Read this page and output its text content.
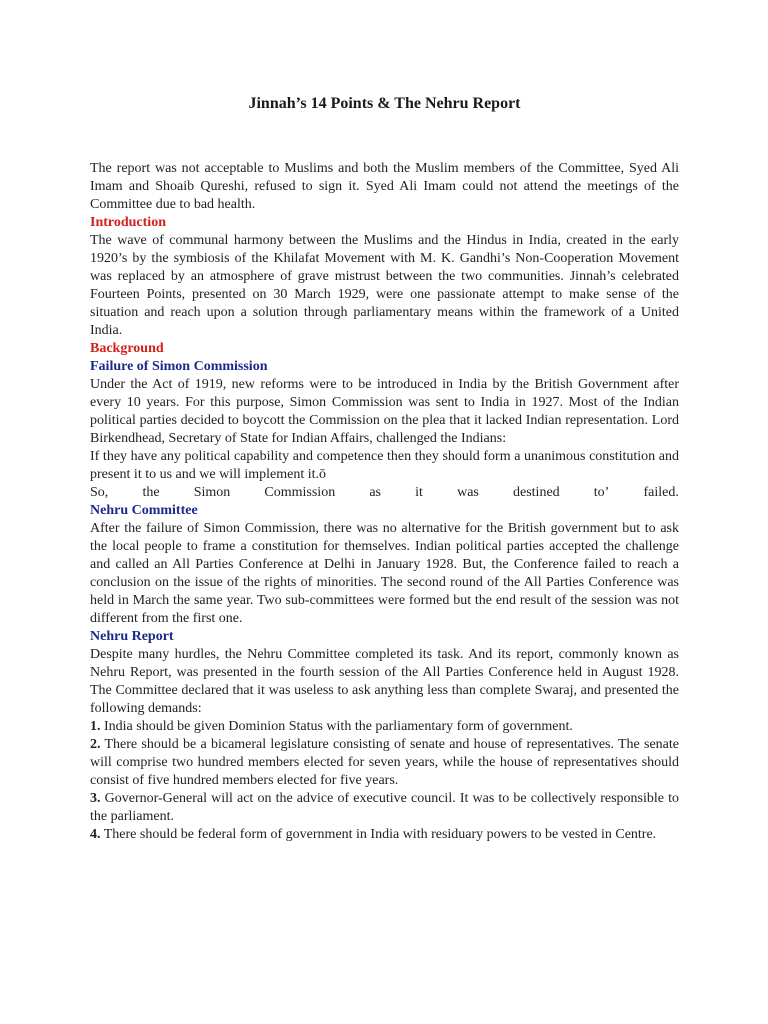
Jinnah’s 14 Points & The Nehru Report

The report was not acceptable to Muslims and both the Muslim members of the Committee, Syed Ali Imam and Shoaib Qureshi, refused to sign it. Syed Ali Imam could not attend the meetings of the Committee due to bad health.

Introduction

The wave of communal harmony between the Muslims and the Hindus in India, created in the early 1920’s by the symbiosis of the Khilafat Movement with M. K. Gandhi’s Non-Cooperation Movement was replaced by an atmosphere of grave mistrust between the two communities. Jinnah’s celebrated Fourteen Points, presented on 30 March 1929, were one passionate attempt to make sense of the situation and reach upon a solution through parliamentary means within the framework of a United India.

Background
Failure of Simon Commission

Under the Act of 1919, new reforms were to be introduced in India by the British Government after every 10 years. For this purpose, Simon Commission was sent to India in 1927. Most of the Indian political parties decided to boycott the Commission on the plea that it lacked Indian representation. Lord Birkendhead, Secretary of State for Indian Affairs, challenged the Indians:

If they have any political capability and competence then they should form a unanimous constitution and present it to us and we will implement it.ō

So, the Simon Commission as it was destined to’ failed.
Nehru Committee

After the failure of Simon Commission, there was no alternative for the British government but to ask the local people to frame a constitution for themselves. Indian political parties accepted the challenge and called an All Parties Conference at Delhi in January 1928. But, the Conference failed to reach a conclusion on the issue of the rights of minorities. The second round of the All Parties Conference was held in March the same year. Two sub-committees were formed but the end result of the session was not different from the first one.

Nehru Report

Despite many hurdles, the Nehru Committee completed its task. And its report, commonly known as Nehru Report, was presented in the fourth session of the All Parties Conference held in August 1928. The Committee declared that it was useless to ask anything less than complete Swaraj, and presented the following demands:

1. India should be given Dominion Status with the parliamentary form of government.

2. There should be a bicameral legislature consisting of senate and house of representatives. The senate will comprise two hundred members elected for seven years, while the house of representatives should consist of five hundred members elected for five years.

3. Governor-General will act on the advice of executive council. It was to be collectively responsible to the parliament.

4. There should be federal form of government in India with residuary powers to be vested in Centre.
